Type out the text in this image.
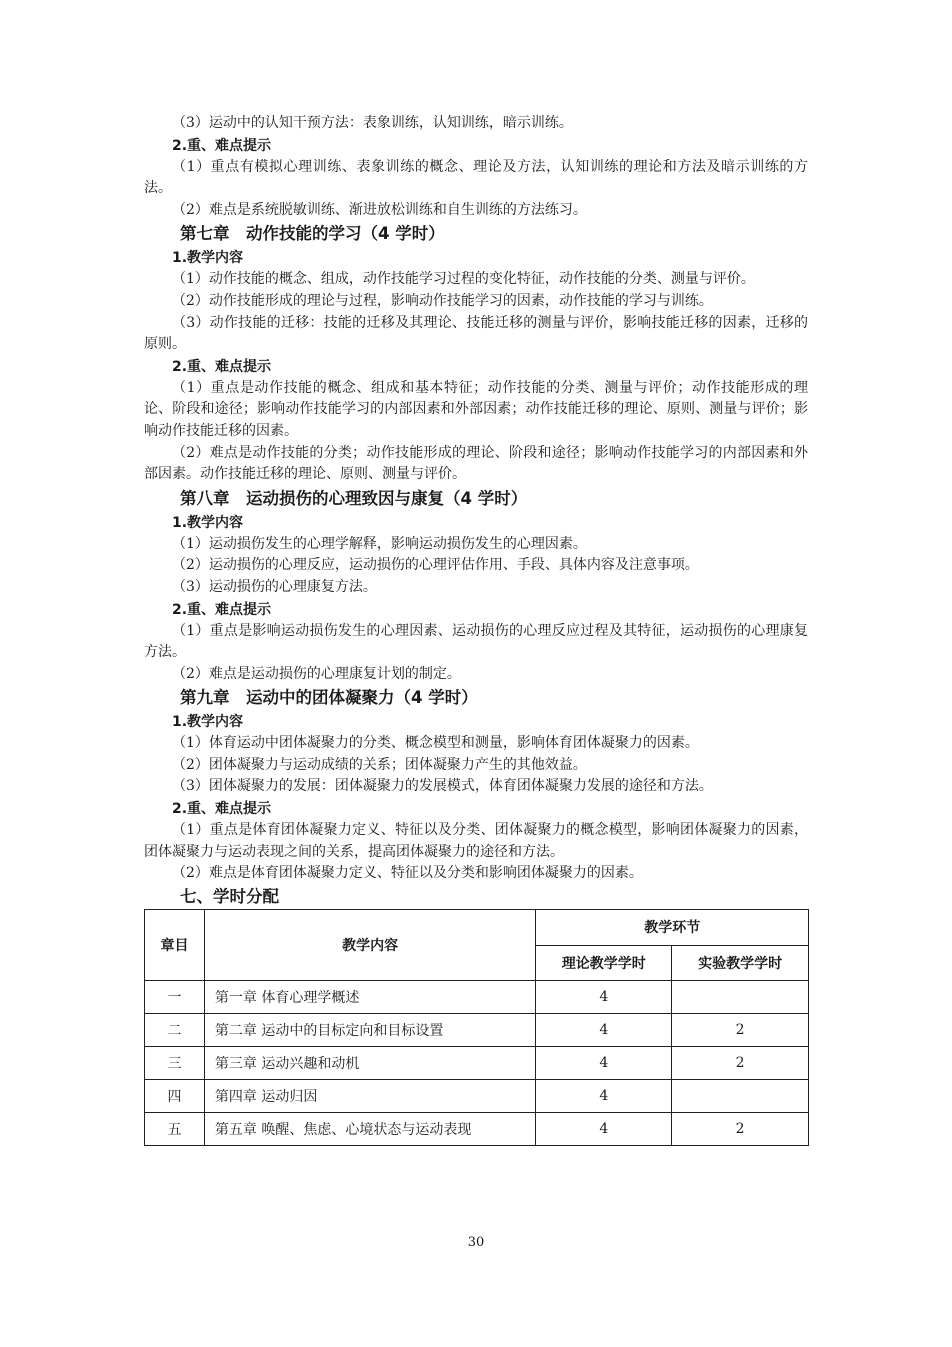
（3）运动中的认知干预方法：表象训练，认知训练，暗示训练。

2.重、难点提示

（1）重点有模拟心理训练、表象训练的概念、理论及方法，认知训练的理论和方法及暗示训练的方法。

（2）难点是系统脱敏训练、渐进放松训练和自生训练的方法练习。

第七章　动作技能的学习（4 学时）

1.教学内容

（1）动作技能的概念、组成，动作技能学习过程的变化特征，动作技能的分类、测量与评价。

（2）动作技能形成的理论与过程，影响动作技能学习的因素，动作技能的学习与训练。

（3）动作技能的迁移：技能的迁移及其理论、技能迁移的测量与评价，影响技能迁移的因素，迁移的原则。

2.重、难点提示

（1）重点是动作技能的概念、组成和基本特征；动作技能的分类、测量与评价；动作技能形成的理论、阶段和途径；影响动作技能学习的内部因素和外部因素；动作技能迁移的理论、原则、测量与评价；影响动作技能迁移的因素。

（2）难点是动作技能的分类；动作技能形成的理论、阶段和途径；影响动作技能学习的内部因素和外部因素。动作技能迁移的理论、原则、测量与评价。

第八章　运动损伤的心理致因与康复（4 学时）

1.教学内容

（1）运动损伤发生的心理学解释，影响运动损伤发生的心理因素。

（2）运动损伤的心理反应，运动损伤的心理评估作用、手段、具体内容及注意事项。

（3）运动损伤的心理康复方法。

2.重、难点提示

（1）重点是影响运动损伤发生的心理因素、运动损伤的心理反应过程及其特征，运动损伤的心理康复方法。

（2）难点是运动损伤的心理康复计划的制定。

第九章　运动中的团体凝聚力（4 学时）

1.教学内容

（1）体育运动中团体凝聚力的分类、概念模型和测量，影响体育团体凝聚力的因素。

（2）团体凝聚力与运动成绩的关系；团体凝聚力产生的其他效益。

（3）团体凝聚力的发展：团体凝聚力的发展模式，体育团体凝聚力发展的途径和方法。

2.重、难点提示

（1）重点是体育团体凝聚力定义、特征以及分类、团体凝聚力的概念模型，影响团体凝聚力的因素，团体凝聚力与运动表现之间的关系，提高团体凝聚力的途径和方法。

（2）难点是体育团体凝聚力定义、特征以及分类和影响团体凝聚力的因素。

七、学时分配

章目	教学内容	教学环节	
		理论教学学时	实验教学学时
一	第一章 体育心理学概述	4	
二	第二章 运动中的目标定向和目标设置	4	2
三	第三章 运动兴趣和动机	4	2
四	第四章 运动归因	4	
五	第五章 唤醒、焦虑、心境状态与运动表现	4	2
30
